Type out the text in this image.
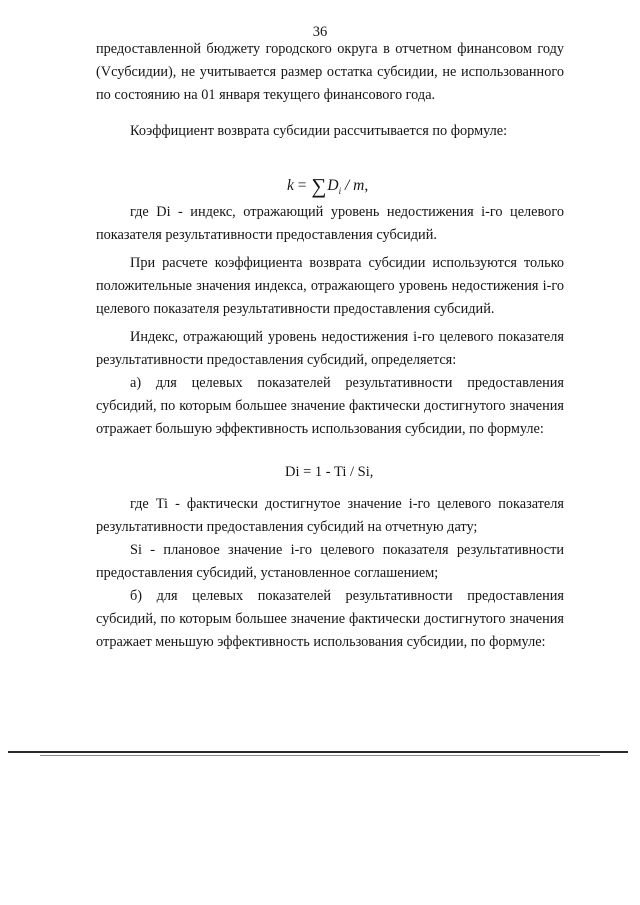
36

предоставленной бюджету городского округа в отчетном финансовом году (Vсубсидии), не учитывается размер остатка субсидии, не использованного по состоянию на 01 января текущего финансового года.

Коэффициент возврата субсидии рассчитывается по формуле:

где Di - индекс, отражающий уровень недостижения i-го целевого показателя результативности предоставления субсидий.

При расчете коэффициента возврата субсидии используются только положительные значения индекса, отражающего уровень недостижения i-го целевого показателя результативности предоставления субсидий.

Индекс, отражающий уровень недостижения i-го целевого показателя результативности предоставления субсидий, определяется:

а) для целевых показателей результативности предоставления субсидий, по которым большее значение фактически достигнутого значения отражает большую эффективность использования субсидии, по формуле:

где Ti - фактически достигнутое значение i-го целевого показателя результативности предоставления субсидий на отчетную дату;

Si - плановое значение i-го целевого показателя результативности предоставления субсидий, установленное соглашением;

б) для целевых показателей результативности предоставления субсидий, по которым большее значение фактически достигнутого значения отражает меньшую эффективность использования субсидии, по формуле:

$k = \sum D_i / m$,
Di = 1 - Ti / Si,
